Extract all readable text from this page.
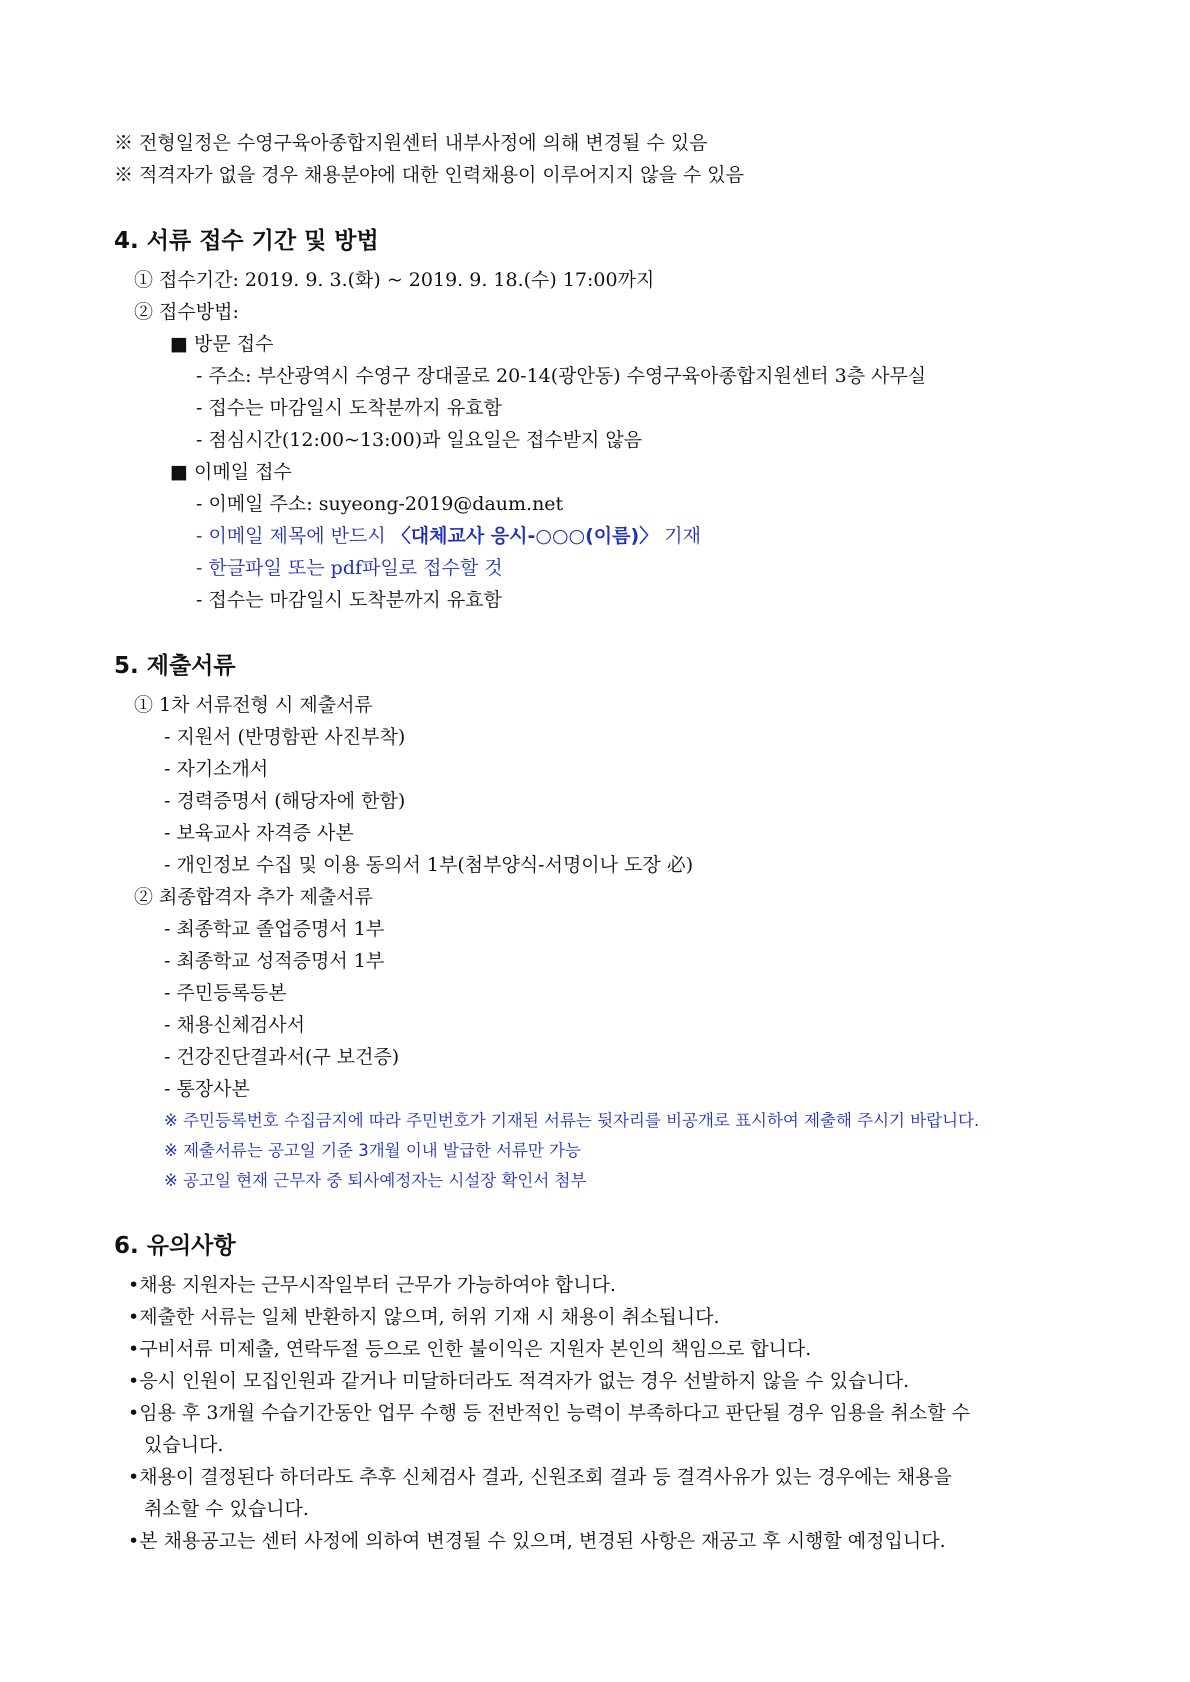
※ 전형일정은 수영구육아종합지원센터 내부사정에 의해 변경될 수 있음
※ 적격자가 없을 경우 채용분야에 대한 인력채용이 이루어지지 않을 수 있음
4. 서류 접수 기간 및 방법
① 접수기간: 2019. 9. 3.(화) ~ 2019. 9. 18.(수) 17:00까지
② 접수방법:
■ 방문 접수
- 주소: 부산광역시 수영구 장대골로 20-14(광안동) 수영구육아종합지원센터 3층 사무실
- 접수는 마감일시 도착분까지 유효함
- 점심시간(12:00~13:00)과 일요일은 접수받지 않음
■ 이메일 접수
- 이메일 주소: suyeong-2019@daum.net
- 이메일 제목에 반드시 〈대체교사 응시-○○○(이름)〉 기재
- 한글파일 또는 pdf파일로 접수할 것
- 접수는 마감일시 도착분까지 유효함
5. 제출서류
① 1차 서류전형 시 제출서류
- 지원서 (반명함판 사진부착)
- 자기소개서
- 경력증명서 (해당자에 한함)
- 보육교사 자격증 사본
- 개인정보 수집 및 이용 동의서 1부(첨부양식-서명이나 도장 必)
② 최종합격자 추가 제출서류
- 최종학교 졸업증명서 1부
- 최종학교 성적증명서 1부
- 주민등록등본
- 채용신체검사서
- 건강진단결과서(구 보건증)
- 통장사본
※ 주민등록번호 수집금지에 따라 주민번호가 기재된 서류는 뒷자리를 비공개로 표시하여 제출해 주시기 바랍니다.
※ 제출서류는 공고일 기준 3개월 이내 발급한 서류만 가능
※ 공고일 현재 근무자 중 퇴사예정자는 시설장 확인서 첨부
6. 유의사항
•채용 지원자는 근무시작일부터 근무가 가능하여야 합니다.
•제출한 서류는 일체 반환하지 않으며, 허위 기재 시 채용이 취소됩니다.
•구비서류 미제출, 연락두절 등으로 인한 불이익은 지원자 본인의 책임으로 합니다.
•응시 인원이 모집인원과 같거나 미달하더라도 적격자가 없는 경우 선발하지 않을 수 있습니다.
•임용 후 3개월 수습기간동안 업무 수행 등 전반적인 능력이 부족하다고 판단될 경우 임용을 취소할 수
있습니다.
•채용이 결정된다 하더라도 추후 신체검사 결과, 신원조회 결과 등 결격사유가 있는 경우에는 채용을
취소할 수 있습니다.
•본 채용공고는 센터 사정에 의하여 변경될 수 있으며, 변경된 사항은 재공고 후 시행할 예정입니다.
